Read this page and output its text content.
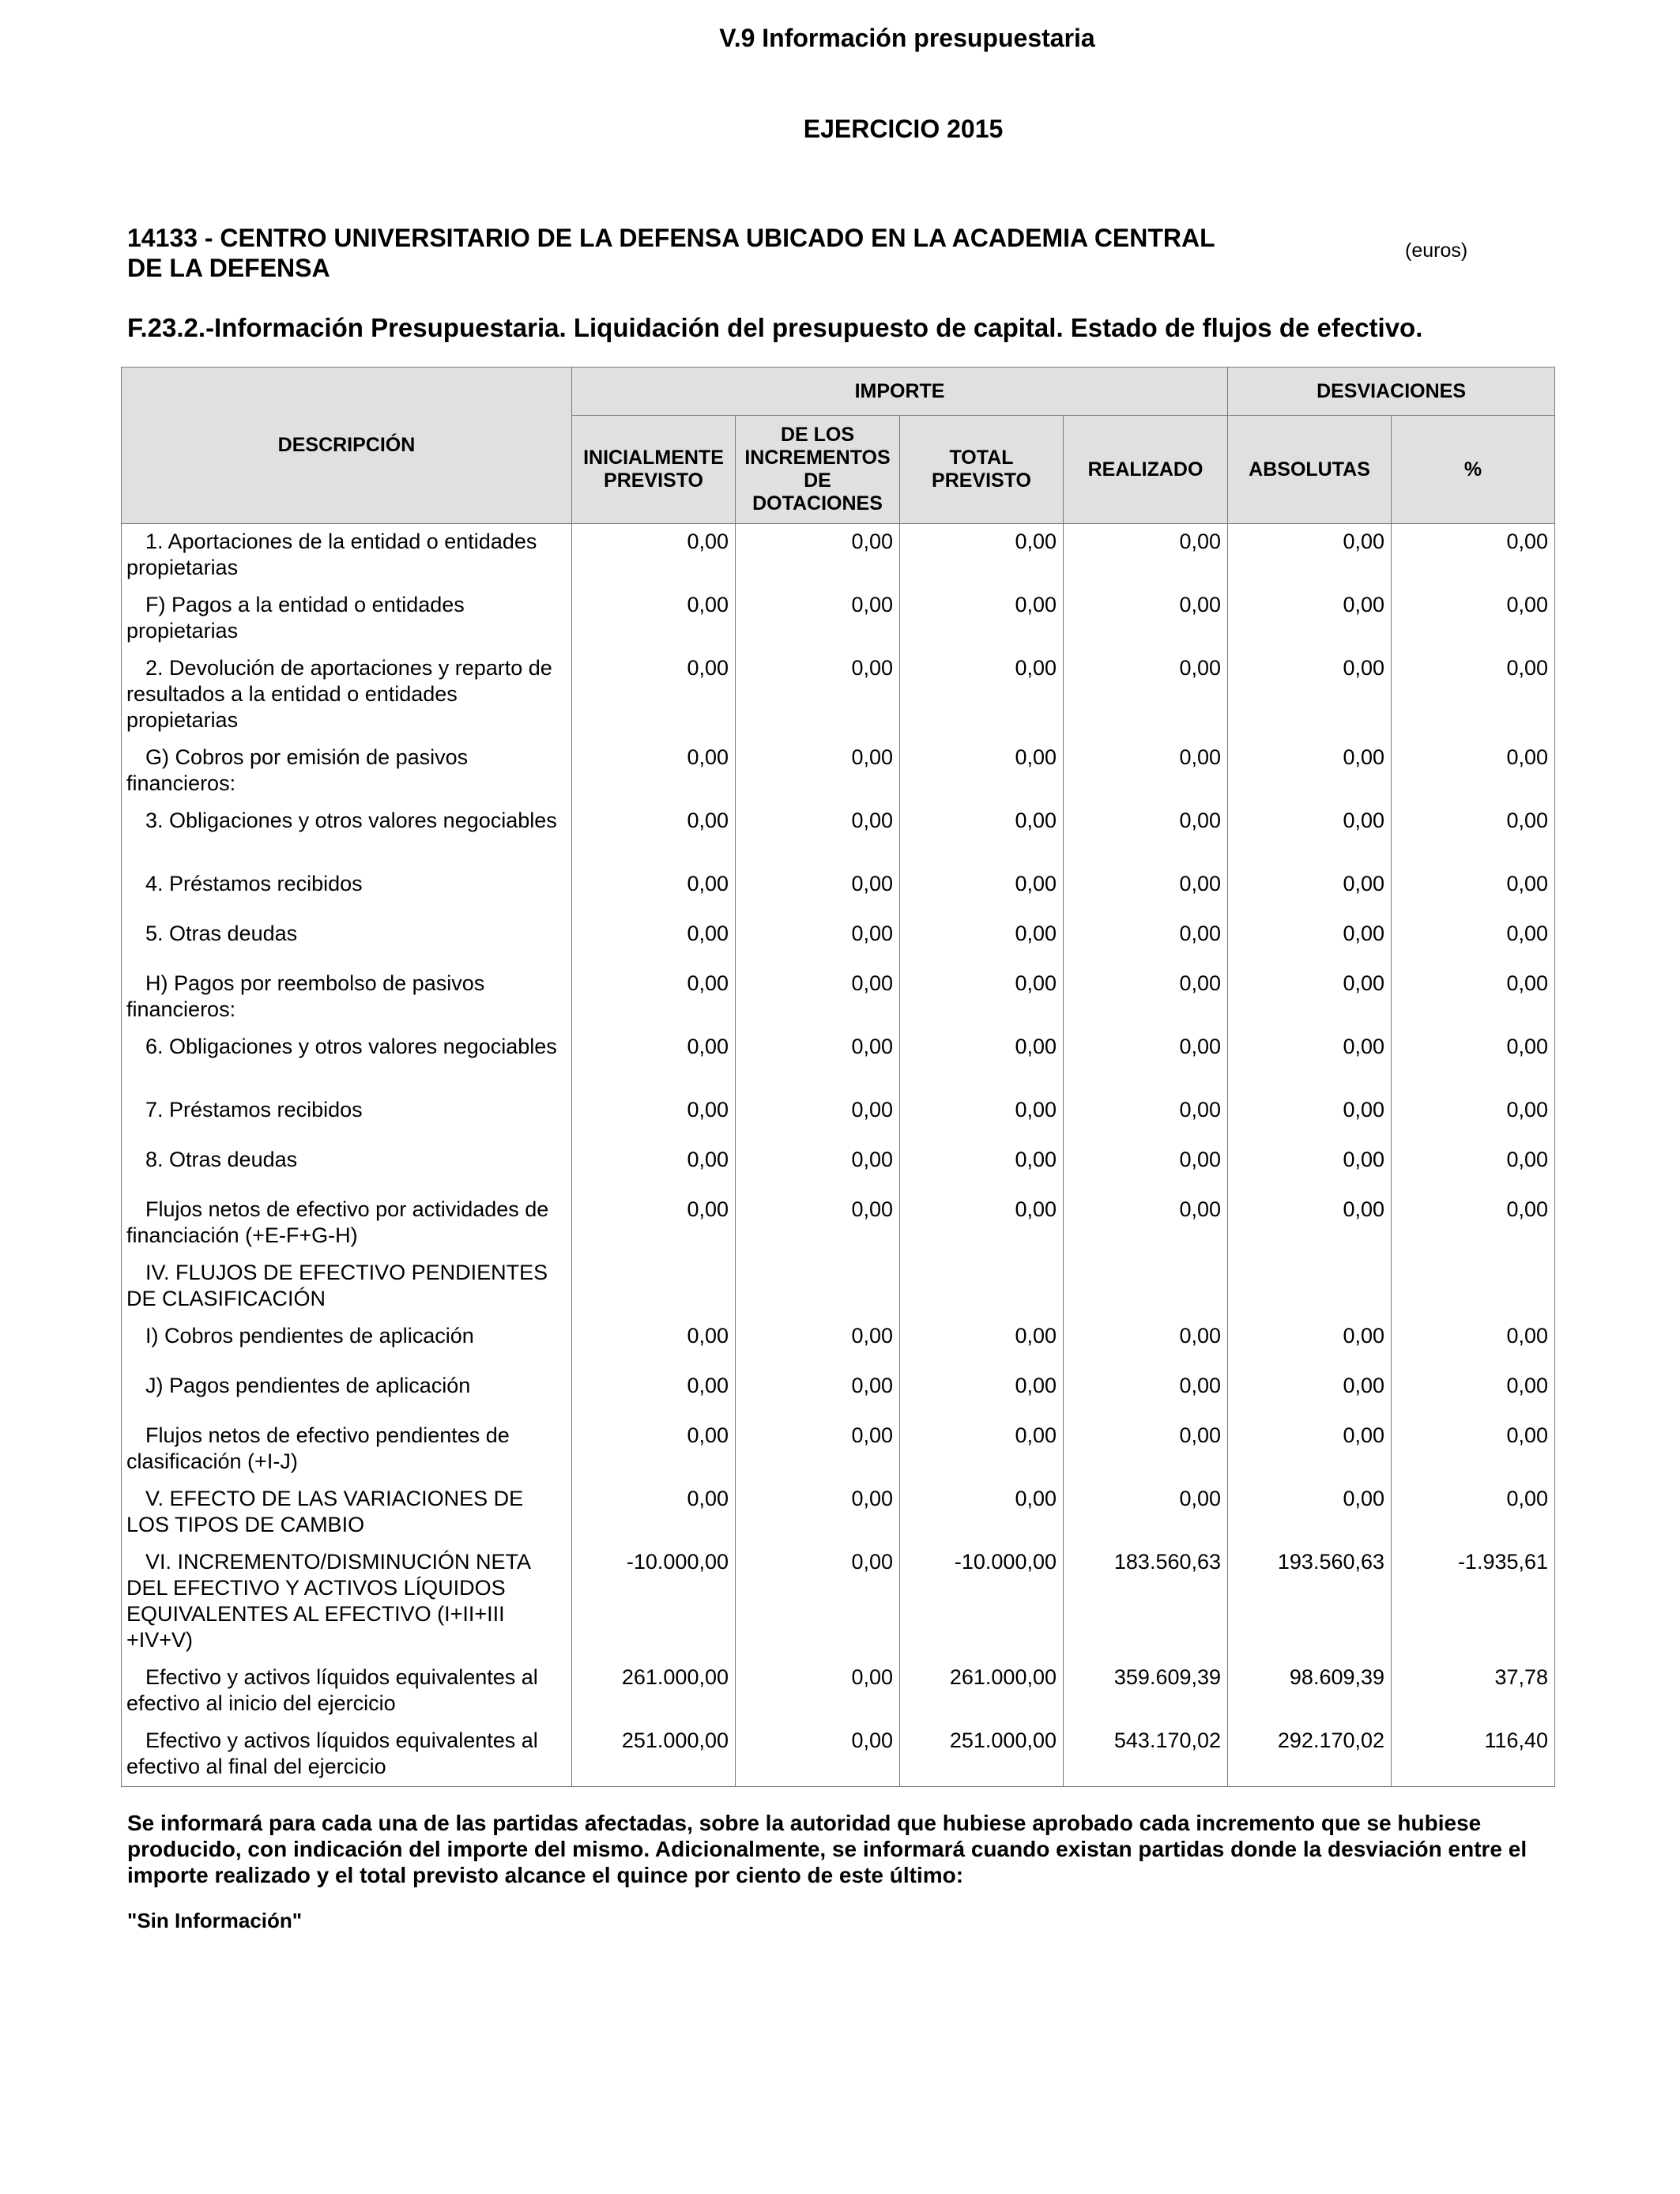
V.9 Información presupuestaria
EJERCICIO 2015
14133 - CENTRO UNIVERSITARIO DE LA DEFENSA UBICADO EN LA ACADEMIA CENTRAL
DE LA DEFENSA
(euros)
F.23.2.-Información Presupuestaria. Liquidación del presupuesto de capital. Estado de flujos de efectivo.
DESCRIPCIÓN	IMPORTE				DESVIACIONES	
	INICIALMENTE PREVISTO	DE LOS INCREMENTOS DE DOTACIONES	TOTAL PREVISTO	REALIZADO	ABSOLUTAS	%
1. Aportaciones de la entidad o entidades propietarias	0,00	0,00	0,00	0,00	0,00	0,00
F) Pagos a la entidad o entidades propietarias	0,00	0,00	0,00	0,00	0,00	0,00
2. Devolución de aportaciones y reparto de resultados a la entidad o entidades propietarias	0,00	0,00	0,00	0,00	0,00	0,00
G) Cobros por emisión de pasivos financieros:	0,00	0,00	0,00	0,00	0,00	0,00
3. Obligaciones y otros valores negociables	0,00	0,00	0,00	0,00	0,00	0,00
4. Préstamos recibidos	0,00	0,00	0,00	0,00	0,00	0,00
5. Otras deudas	0,00	0,00	0,00	0,00	0,00	0,00
H) Pagos por reembolso de pasivos financieros:	0,00	0,00	0,00	0,00	0,00	0,00
6. Obligaciones y otros valores negociables	0,00	0,00	0,00	0,00	0,00	0,00
7. Préstamos recibidos	0,00	0,00	0,00	0,00	0,00	0,00
8. Otras deudas	0,00	0,00	0,00	0,00	0,00	0,00
Flujos netos de efectivo por actividades de financiación (+E-F+G-H)	0,00	0,00	0,00	0,00	0,00	0,00
IV. FLUJOS DE EFECTIVO PENDIENTES DE CLASIFICACIÓN						
I) Cobros pendientes de aplicación	0,00	0,00	0,00	0,00	0,00	0,00
J) Pagos pendientes de aplicación	0,00	0,00	0,00	0,00	0,00	0,00
Flujos netos de efectivo pendientes de clasificación (+I-J)	0,00	0,00	0,00	0,00	0,00	0,00
V. EFECTO DE LAS VARIACIONES DE LOS TIPOS DE CAMBIO	0,00	0,00	0,00	0,00	0,00	0,00
VI. INCREMENTO/DISMINUCIÓN NETA DEL EFECTIVO Y ACTIVOS LÍQUIDOS EQUIVALENTES AL EFECTIVO (I+II+III +IV+V)	-10.000,00	0,00	-10.000,00	183.560,63	193.560,63	-1.935,61
Efectivo y activos líquidos equivalentes al efectivo al inicio del ejercicio	261.000,00	0,00	261.000,00	359.609,39	98.609,39	37,78
Efectivo y activos líquidos equivalentes al efectivo al final del ejercicio	251.000,00	0,00	251.000,00	543.170,02	292.170,02	116,40
Se informará para cada una de las partidas afectadas, sobre la autoridad que hubiese aprobado cada incremento que se hubiese producido, con indicación del importe del mismo. Adicionalmente, se informará cuando existan partidas donde la desviación entre el importe realizado y el total previsto alcance el quince por ciento de este último:
"Sin Información"
